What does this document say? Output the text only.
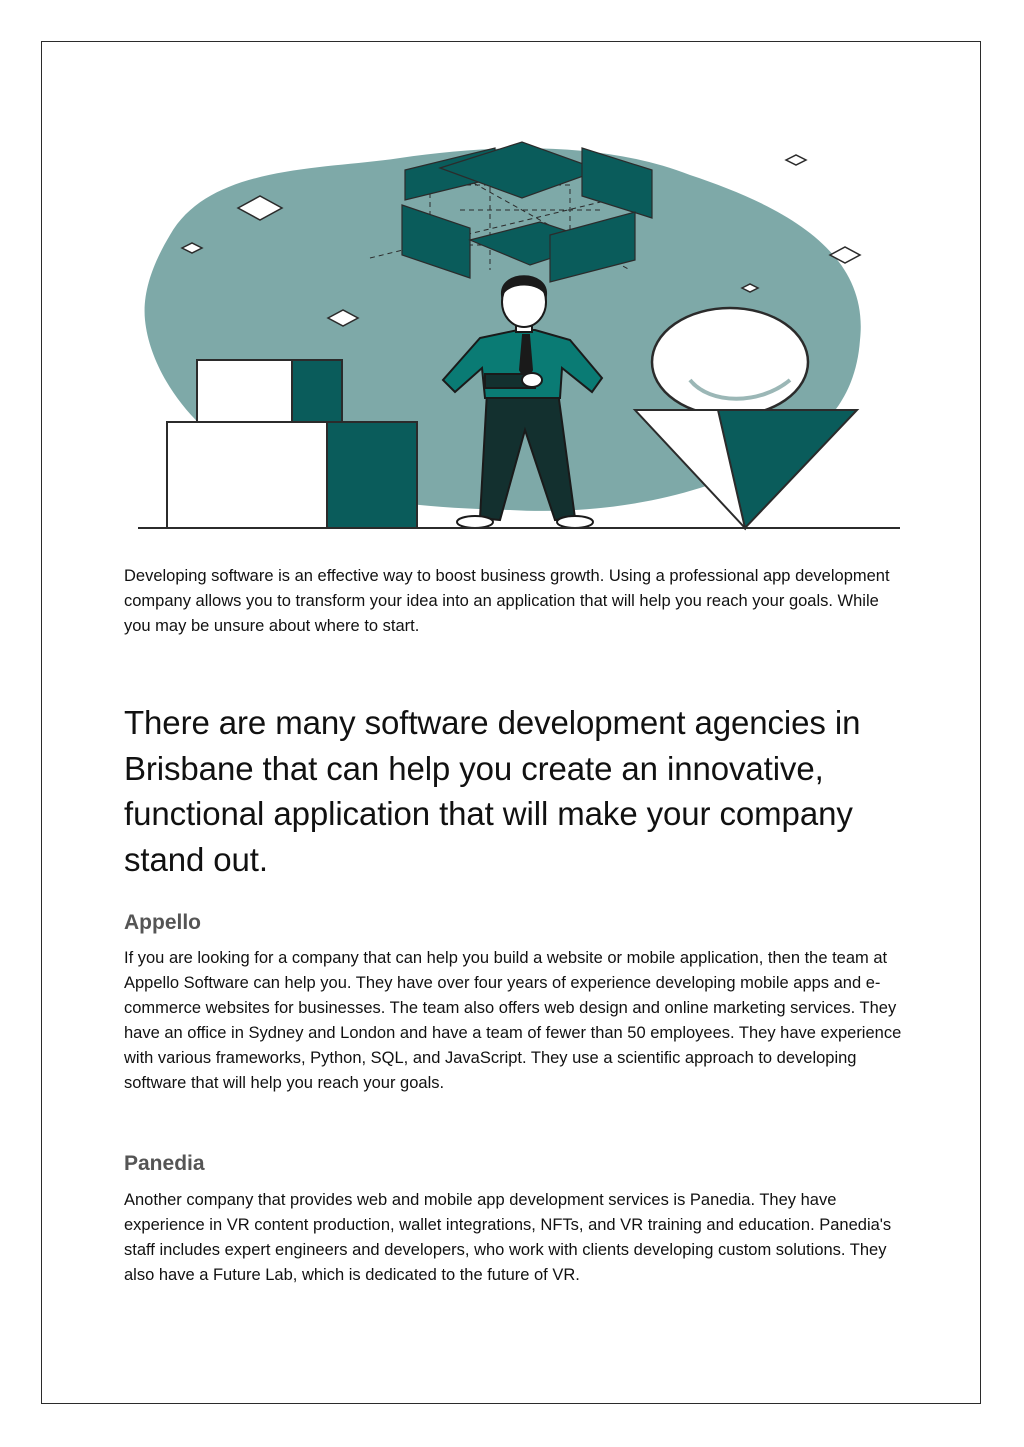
Developing software is an effective way to boost business growth. Using a professional app development company allows you to transform your idea into an application that will help you reach your goals. While you may be unsure about where to start.

There are many software development agencies in Brisbane that can help you create an innovative, functional application that will make your company stand out.
Appello

If you are looking for a company that can help you build a website or mobile application, then the team at Appello Software can help you. They have over four years of experience developing mobile apps and e-commerce websites for businesses. The team also offers web design and online marketing services. They have an office in Sydney and London and have a team of fewer than 50 employees. They have experience with various frameworks, Python, SQL, and JavaScript. They use a scientific approach to developing software that will help you reach your goals.

Panedia

Another company that provides web and mobile app development services is Panedia. They have experience in VR content production, wallet integrations, NFTs, and VR training and education. Panedia's staff includes expert engineers and developers, who work with clients developing custom solutions. They also have a Future Lab, which is dedicated to the future of VR.
